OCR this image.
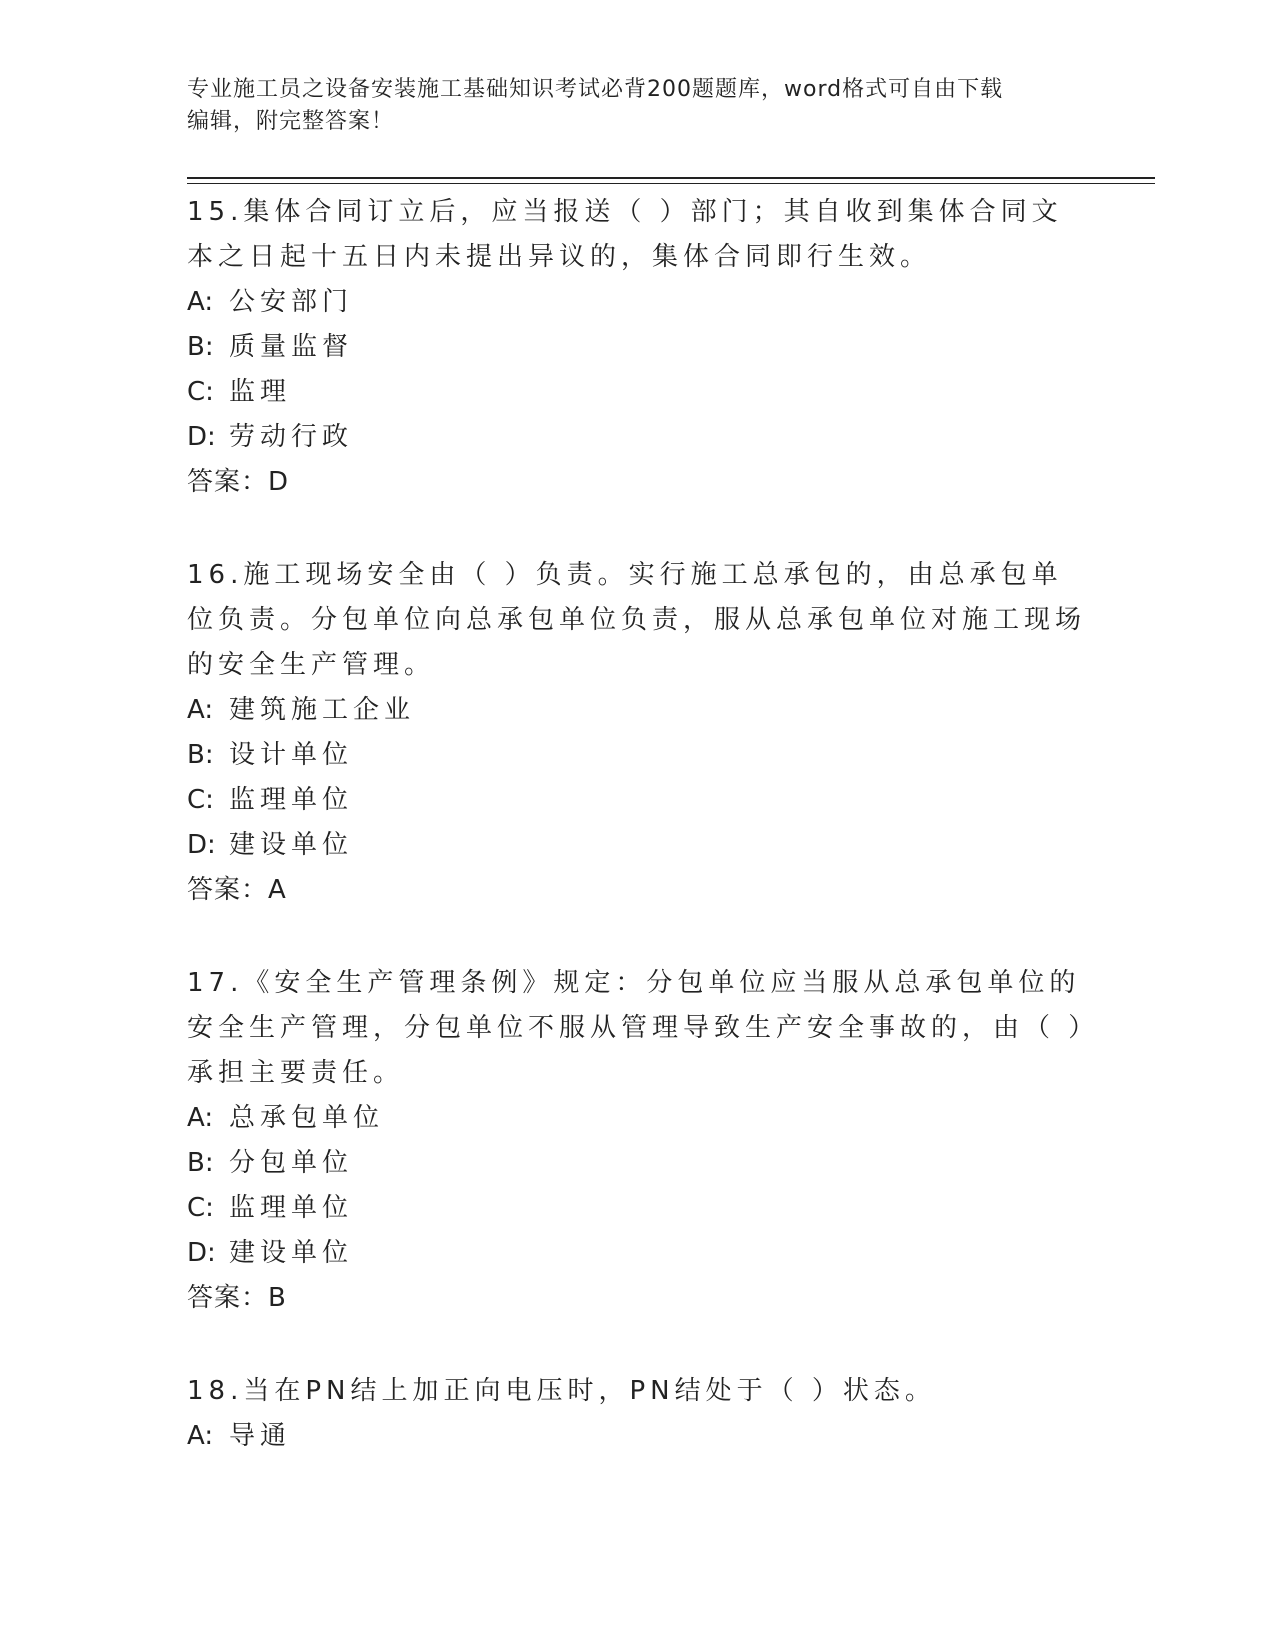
专业施工员之设备安装施工基础知识考试必背200题题库，word格式可自由下载
编辑，附完整答案！

15.集体合同订立后，应当报送（ ）部门；其自收到集体合同文本之日起十五日内未提出异议的，集体合同即行生效。

A: 公安部门
B: 质量监督
C: 监理
D: 劳动行政
答案：D

16.施工现场安全由（ ）负责。实行施工总承包的，由总承包单位负责。分包单位向总承包单位负责，服从总承包单位对施工现场的安全生产管理。

A: 建筑施工企业
B: 设计单位
C: 监理单位
D: 建设单位
答案：A

17.《安全生产管理条例》规定：分包单位应当服从总承包单位的安全生产管理，分包单位不服从管理导致生产安全事故的，由（ ）承担主要责任。

A: 总承包单位
B: 分包单位
C: 监理单位
D: 建设单位
答案：B

18.当在PN结上加正向电压时，PN结处于（ ）状态。

A: 导通
